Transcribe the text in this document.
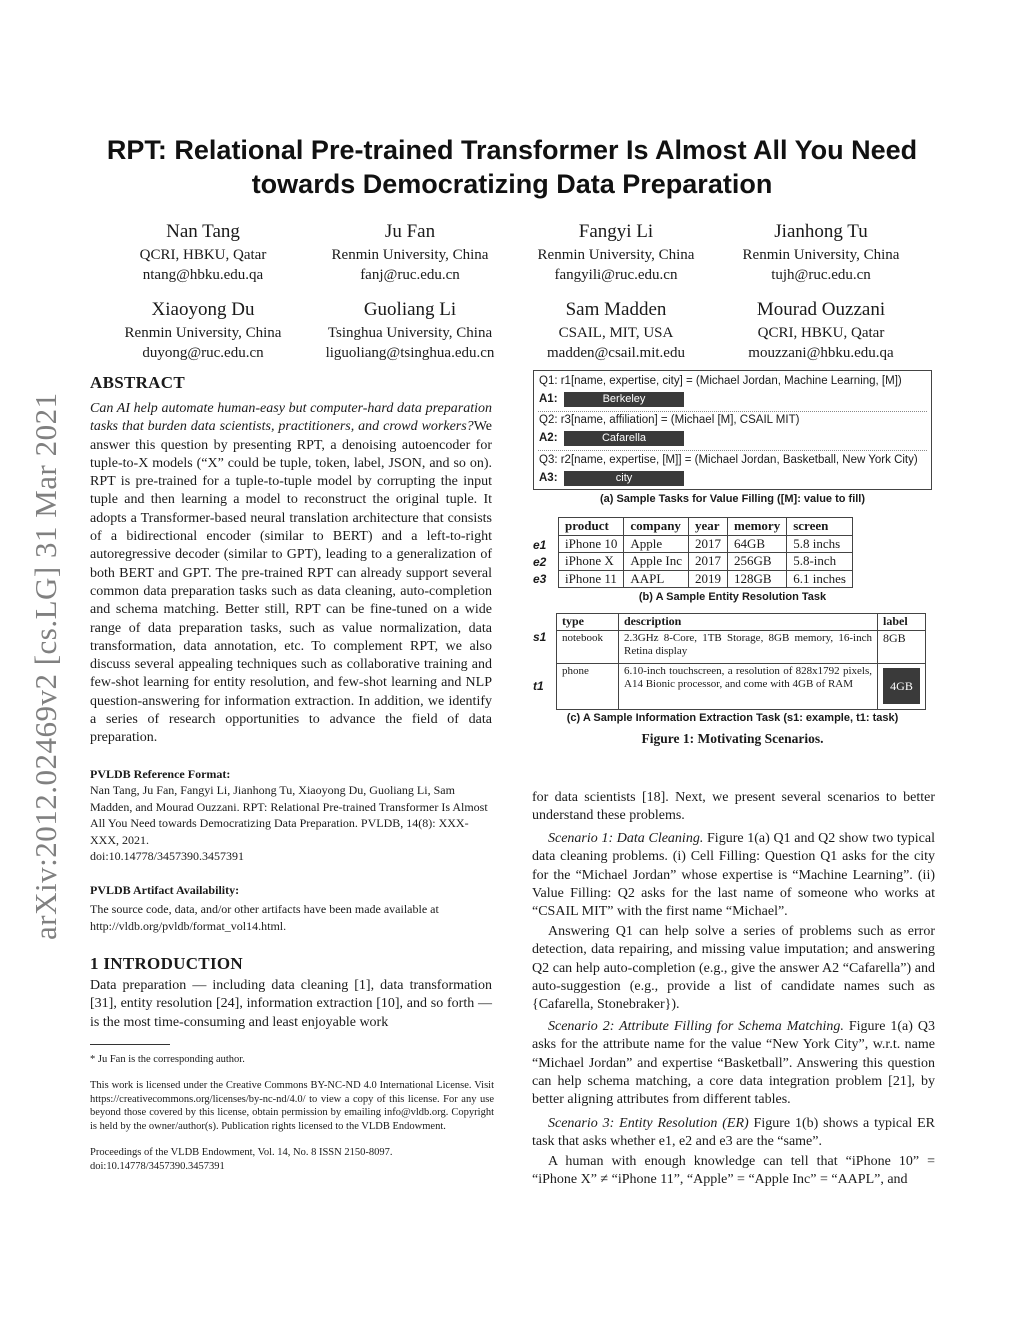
arXiv:2012.02469v2 [cs.LG] 31 Mar 2021
RPT: Relational Pre-trained Transformer Is Almost All You Need towards Democratizing Data Preparation
Nan Tang
QCRI, HBKU, Qatar
ntang@hbku.edu.qa
Ju Fan
Renmin University, China
fanj@ruc.edu.cn
Fangyi Li
Renmin University, China
fangyili@ruc.edu.cn
Jianhong Tu
Renmin University, China
tujh@ruc.edu.cn
Xiaoyong Du
Renmin University, China
duyong@ruc.edu.cn
Guoliang Li
Tsinghua University, China
liguoliang@tsinghua.edu.cn
Sam Madden
CSAIL, MIT, USA
madden@csail.mit.edu
Mourad Ouzzani
QCRI, HBKU, Qatar
mouzzani@hbku.edu.qa
ABSTRACT
Can AI help automate human-easy but computer-hard data preparation tasks that burden data scientists, practitioners, and crowd workers?We answer this question by presenting RPT, a denoising autoencoder for tuple-to-X models (“X” could be tuple, token, label, JSON, and so on). RPT is pre-trained for a tuple-to-tuple model by corrupting the input tuple and then learning a model to reconstruct the original tuple. It adopts a Transformer-based neural translation architecture that consists of a bidirectional encoder (similar to BERT) and a left-to-right autoregressive decoder (similar to GPT), leading to a generalization of both BERT and GPT. The pre-trained RPT can already support several common data preparation tasks such as data cleaning, auto-completion and schema matching. Better still, RPT can be fine-tuned on a wide range of data preparation tasks, such as value normalization, data transformation, data annotation, etc. To complement RPT, we also discuss several appealing techniques such as collaborative training and few-shot learning for entity resolution, and few-shot learning and NLP question-answering for information extraction. In addition, we identify a series of research opportunities to advance the field of data preparation.
PVLDB Reference Format:
Nan Tang, Ju Fan, Fangyi Li, Jianhong Tu, Xiaoyong Du, Guoliang Li, Sam Madden, and Mourad Ouzzani. RPT: Relational Pre-trained Transformer Is Almost All You Need towards Democratizing Data Preparation. PVLDB, 14(8): XXX-XXX, 2021.
doi:10.14778/3457390.3457391
PVLDB Artifact Availability:
The source code, data, and/or other artifacts have been made available at http://vldb.org/pvldb/format_vol14.html.
1 INTRODUCTION
Data preparation — including data cleaning [1], data transformation [31], entity resolution [24], information extraction [10], and so forth — is the most time-consuming and least enjoyable work
* Ju Fan is the corresponding author.
This work is licensed under the Creative Commons BY-NC-ND 4.0 International License. Visit https://creativecommons.org/licenses/by-nc-nd/4.0/ to view a copy of this license. For any use beyond those covered by this license, obtain permission by emailing info@vldb.org. Copyright is held by the owner/author(s). Publication rights licensed to the VLDB Endowment.
Proceedings of the VLDB Endowment, Vol. 14, No. 8 ISSN 2150-8097.
doi:10.14778/3457390.3457391
Q1: r1[name, expertise, city] = (Michael Jordan, Machine Learning, [M])
A1:	Berkeley
Q2: r3[name, affiliation] = (Michael [M], CSAIL MIT)
A2:	Cafarella
Q3: r2[name, expertise, [M]] = (Michael Jordan, Basketball, New York City)
A3:	city
(a) Sample Tasks for Value Filling ([M]: value to fill)
e1
e2
e3
product	company	year	memory	screen
iPhone 10	Apple	2017	64GB	5.8 inchs
iPhone X	Apple Inc	2017	256GB	5.8-inch
iPhone 11	AAPL	2019	128GB	6.1 inches
(b) A Sample Entity Resolution Task
s1
t1
type	description	label
notebook	2.3GHz 8-Core, 1TB Storage, 8GB memory, 16-inch Retina display	8GB
phone	6.10-inch touchscreen, a resolution of 828x1792 pixels, A14 Bionic processor, and come with 4GB of RAM	4GB
(c) A Sample Information Extraction Task (s1: example, t1: task)
Figure 1: Motivating Scenarios.
for data scientists [18]. Next, we present several scenarios to better understand these problems.
Scenario 1: Data Cleaning. Figure 1(a) Q1 and Q2 show two typical data cleaning problems. (i) Cell Filling: Question Q1 asks for the city for the “Michael Jordan” whose expertise is “Machine Learning”. (ii) Value Filling: Q2 asks for the last name of someone who works at “CSAIL MIT” with the first name “Michael”.
Answering Q1 can help solve a series of problems such as error detection, data repairing, and missing value imputation; and answering Q2 can help auto-completion (e.g., give the answer A2 “Cafarella”) and auto-suggestion (e.g., provide a list of candidate names such as {Cafarella, Stonebraker}).
Scenario 2: Attribute Filling for Schema Matching. Figure 1(a) Q3 asks for the attribute name for the value “New York City”, w.r.t. name “Michael Jordan” and expertise “Basketball”. Answering this question can help schema matching, a core data integration problem [21], by better aligning attributes from different tables.
Scenario 3: Entity Resolution (ER) Figure 1(b) shows a typical ER task that asks whether e1, e2 and e3 are the “same”.
A human with enough knowledge can tell that “iPhone 10” = “iPhone X” ≠ “iPhone 11”, “Apple” = “Apple Inc” = “AAPL”, and
